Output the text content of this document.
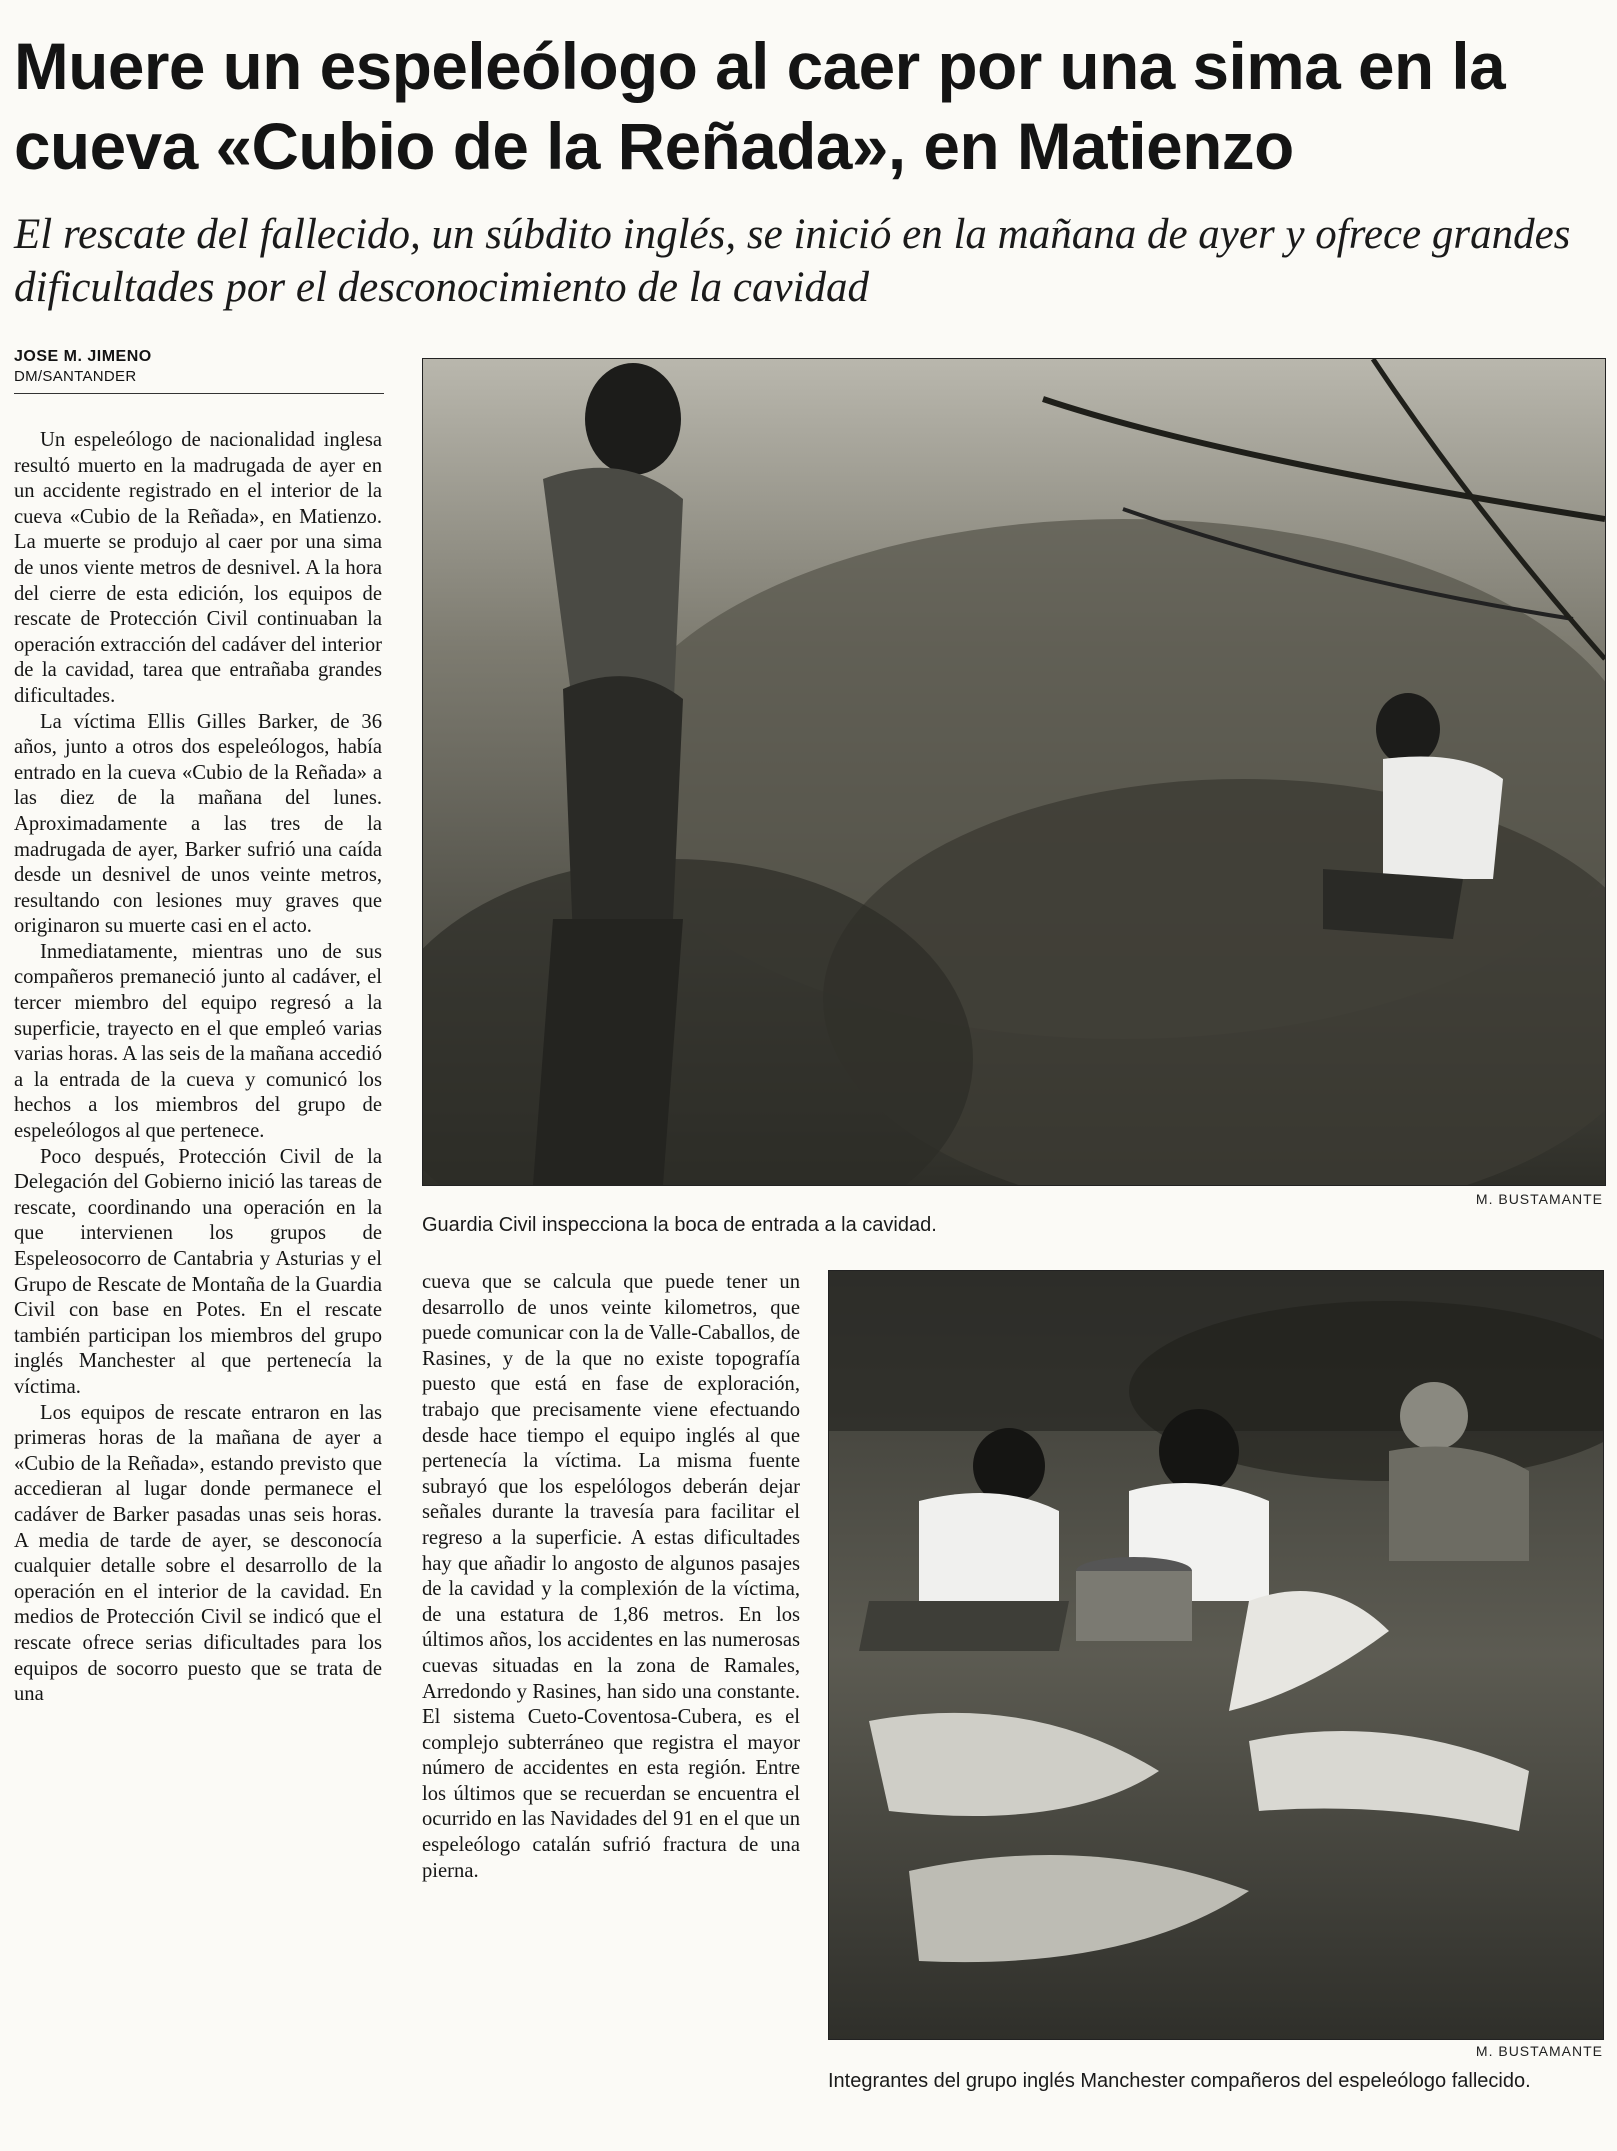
Muere un espeleólogo al caer por una sima en la cueva «Cubio de la Reñada», en Matienzo

El rescate del fallecido, un súbdito inglés, se inició en la mañana de ayer y ofrece grandes dificultades por el desconocimiento de la cavidad

JOSE M. JIMENO
DM/SANTANDER

Un espeleólogo de nacionalidad inglesa resultó muerto en la madrugada de ayer en un accidente registrado en el interior de la cueva «Cubio de la Reñada», en Matienzo. La muerte se produjo al caer por una sima de unos viente metros de desnivel. A la hora del cierre de esta edición, los equipos de rescate de Protección Civil continuaban la operación extracción del cadáver del interior de la cavidad, tarea que entrañaba grandes dificultades.

La víctima Ellis Gilles Barker, de 36 años, junto a otros dos espeleólogos, había entrado en la cueva «Cubio de la Reñada» a las diez de la mañana del lunes. Aproximadamente a las tres de la madrugada de ayer, Barker sufrió una caída desde un desnivel de unos veinte metros, resultando con lesiones muy graves que originaron su muerte casi en el acto.

Inmediatamente, mientras uno de sus compañeros premaneció junto al cadáver, el tercer miembro del equipo regresó a la superficie, trayecto en el que empleó varias varias horas. A las seis de la mañana accedió a la entrada de la cueva y comunicó los hechos a los miembros del grupo de espeleólogos al que pertenece.

Poco después, Protección Civil de la Delegación del Gobierno inició las tareas de rescate, coordinando una operación en la que intervienen los grupos de Espeleosocorro de Cantabria y Asturias y el Grupo de Rescate de Montaña de la Guardia Civil con base en Potes. En el rescate también participan los miembros del grupo inglés Manchester al que pertenecía la víctima.

Los equipos de rescate entraron en las primeras horas de la mañana de ayer a «Cubio de la Reñada», estando previsto que accedieran al lugar donde permanece el cadáver de Barker pasadas unas seis horas. A media de tarde de ayer, se desconocía cualquier detalle sobre el desarrollo de la operación en el interior de la cavidad. En medios de Protección Civil se indicó que el rescate ofrece serias dificultades para los equipos de socorro puesto que se trata de una

M. BUSTAMANTE
Guardia Civil inspecciona la boca de entrada a la cavidad.

cueva que se calcula que puede tener un desarrollo de unos veinte kilometros, que puede comunicar con la de Valle-Caballos, de Rasines, y de la que no existe topografía puesto que está en fase de exploración, trabajo que precisamente viene efectuando desde hace tiempo el equipo inglés al que pertenecía la víctima. La misma fuente subrayó que los espelólogos deberán dejar señales durante la travesía para facilitar el regreso a la superficie. A estas dificultades hay que añadir lo angosto de algunos pasajes de la cavidad y la complexión de la víctima, de una estatura de 1,86 metros. En los últimos años, los accidentes en las numerosas cuevas situadas en la zona de Ramales, Arredondo y Rasines, han sido una constante. El sistema Cueto-Coventosa-Cubera, es el complejo subterráneo que registra el mayor número de accidentes en esta región. Entre los últimos que se recuerdan se encuentra el ocurrido en las Navidades del 91 en el que un espeleólogo catalán sufrió fractura de una pierna.

M. BUSTAMANTE
Integrantes del grupo inglés Manchester compañeros del espeleólogo fallecido.
